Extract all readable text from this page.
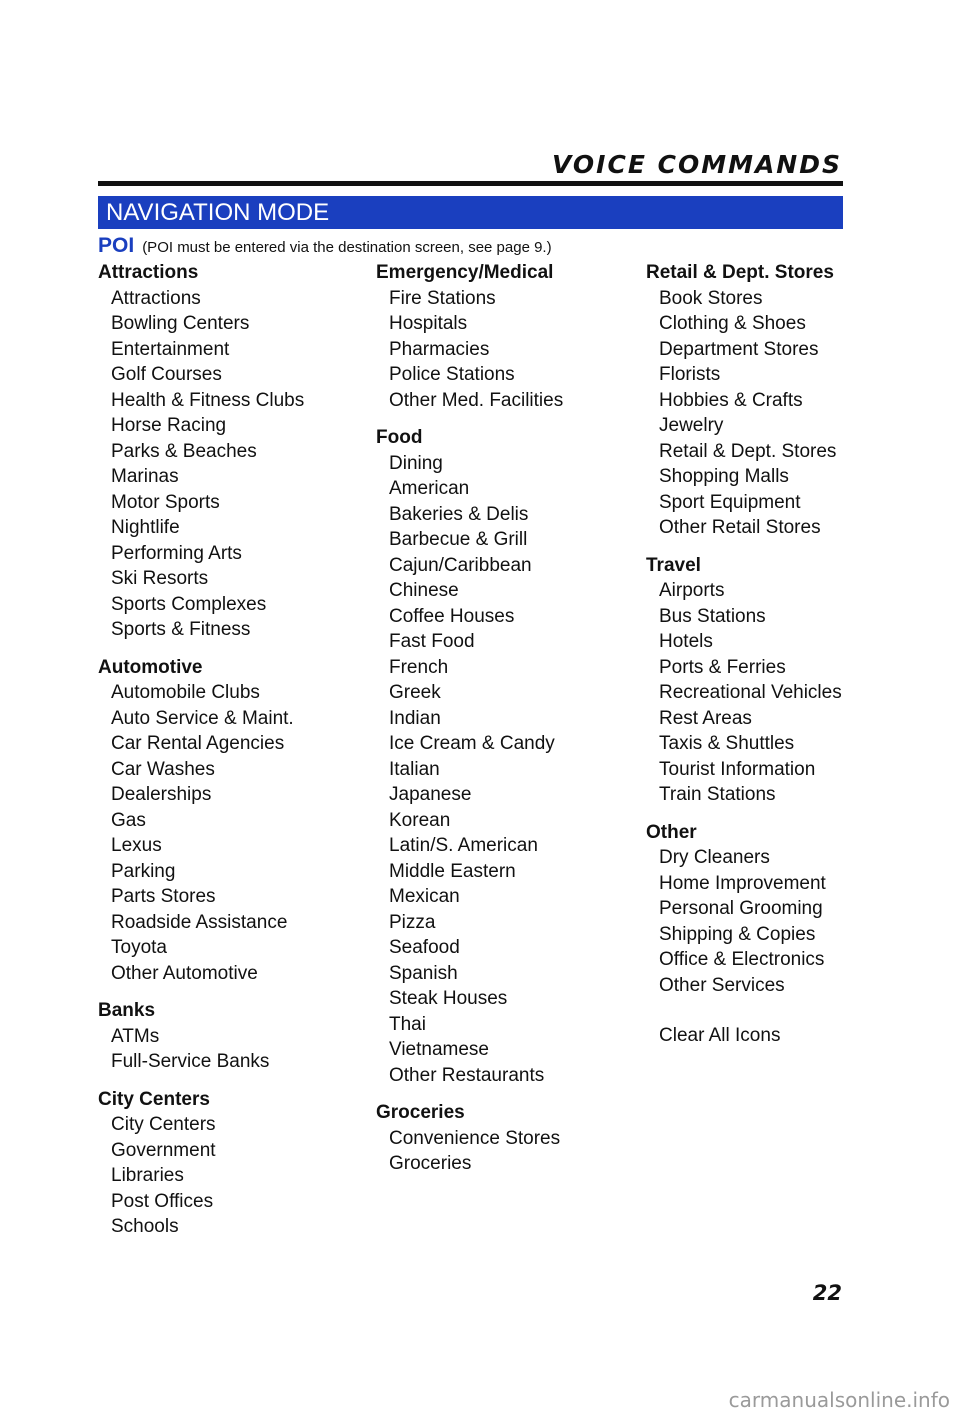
VOICE COMMANDS
NAVIGATION MODE
POI (POI must be entered via the destination screen, see page 9.)
Attractions
Attractions
Bowling Centers
Entertainment
Golf Courses
Health & Fitness Clubs
Horse Racing
Parks & Beaches
Marinas
Motor Sports
Nightlife
Performing Arts
Ski Resorts
Sports Complexes
Sports & Fitness
Automotive
Automobile Clubs
Auto Service & Maint.
Car Rental Agencies
Car Washes
Dealerships
Gas
Lexus
Parking
Parts Stores
Roadside Assistance
Toyota
Other Automotive
Banks
ATMs
Full-Service Banks
City Centers
City Centers
Government
Libraries
Post Offices
Schools
Emergency/Medical
Fire Stations
Hospitals
Pharmacies
Police Stations
Other Med. Facilities
Food
Dining
American
Bakeries & Delis
Barbecue & Grill
Cajun/Caribbean
Chinese
Coffee Houses
Fast Food
French
Greek
Indian
Ice Cream & Candy
Italian
Japanese
Korean
Latin/S. American
Middle Eastern
Mexican
Pizza
Seafood
Spanish
Steak Houses
Thai
Vietnamese
Other Restaurants
Groceries
Convenience Stores
Groceries
Retail & Dept. Stores
Book Stores
Clothing & Shoes
Department Stores
Florists
Hobbies & Crafts
Jewelry
Retail & Dept. Stores
Shopping Malls
Sport Equipment
Other Retail Stores
Travel
Airports
Bus Stations
Hotels
Ports & Ferries
Recreational Vehicles
Rest Areas
Taxis & Shuttles
Tourist Information
Train Stations
Other
Dry Cleaners
Home Improvement
Personal Grooming
Shipping & Copies
Office & Electronics
Other Services
Clear All Icons
22
carmanualsonline.info
